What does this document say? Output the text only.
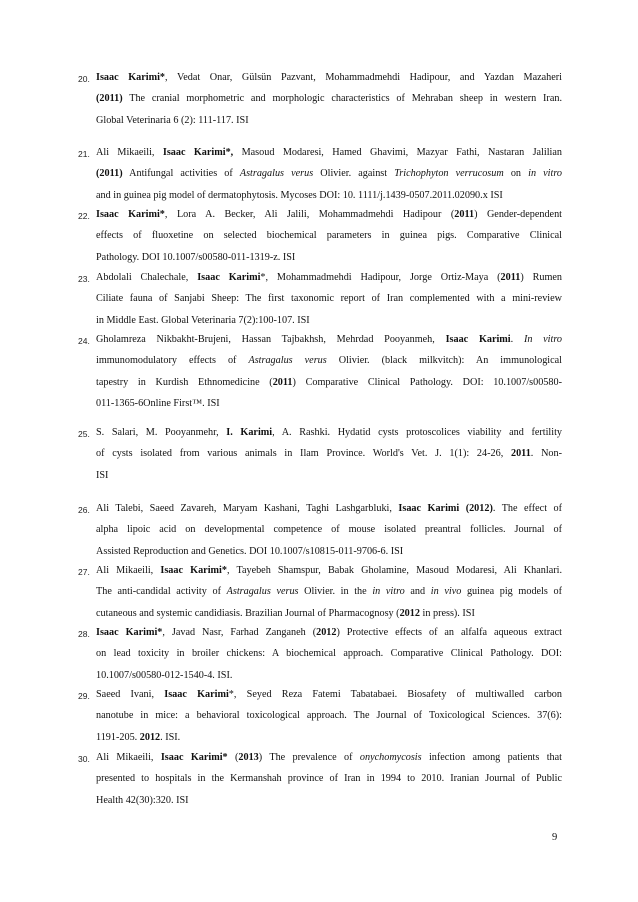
20. Isaac Karimi*, Vedat Onar, Gülsün Pazvant, Mohammadmehdi Hadipour, and Yazdan Mazaheri
(2011) The cranial morphometric and morphologic characteristics of Mehraban sheep in western Iran.
Global Veterinaria 6 (2): 111-117. ISI
21. Ali Mikaeili, Isaac Karimi*, Masoud Modaresi, Hamed Ghavimi, Mazyar Fathi, Nastaran Jalilian
(2011) Antifungal activities of Astragalus verus Olivier. against Trichophyton verrucosum on in vitro
and in guinea pig model of dermatophytosis. Mycoses DOI: 10. 1111/j.1439-0507.2011.02090.x ISI
22. Isaac Karimi*, Lora A. Becker, Ali Jalili, Mohammadmehdi Hadipour (2011) Gender-dependent
effects of fluoxetine on selected biochemical parameters in guinea pigs. Comparative Clinical
Pathology. DOI 10.1007/s00580-011-1319-z. ISI
23. Abdolali Chalechale, Isaac Karimi*, Mohammadmehdi Hadipour, Jorge Ortiz-Maya (2011) Rumen
Ciliate fauna of Sanjabi Sheep: The first taxonomic report of Iran complemented with a mini-review
in Middle East. Global Veterinaria 7(2):100-107. ISI
24. Gholamreza Nikbakht-Brujeni, Hassan Tajbakhsh, Mehrdad Pooyanmeh, Isaac Karimi. In vitro
immunomodulatory effects of Astragalus verus Olivier. (black milkvitch): An immunological
tapestry in Kurdish Ethnomedicine (2011) Comparative Clinical Pathology. DOI: 10.1007/s00580-
011-1365-6Online First™. ISI
25. S. Salari, M. Pooyanmehr, I. Karimi, A. Rashki. Hydatid cysts protoscolices viability and fertility
of cysts isolated from various animals in Ilam Province. World's Vet. J. 1(1): 24-26, 2011. Non-
ISI
26. Ali Talebi, Saeed Zavareh, Maryam Kashani, Taghi Lashgarbluki, Isaac Karimi (2012). The effect of
alpha lipoic acid on developmental competence of mouse isolated preantral follicles. Journal of
Assisted Reproduction and Genetics. DOI 10.1007/s10815-011-9706-6. ISI
27. Ali Mikaeili, Isaac Karimi*, Tayebeh Shamspur, Babak Gholamine, Masoud Modaresi, Ali Khanlari.
The anti-candidal activity of Astragalus verus Olivier. in the in vitro and in vivo guinea pig models of
cutaneous and systemic candidiasis. Brazilian Journal of Pharmacognosy (2012 in press). ISI
28. Isaac Karimi*, Javad Nasr, Farhad Zanganeh (2012) Protective effects of an alfalfa aqueous extract
on lead toxicity in broiler chickens: A biochemical approach. Comparative Clinical Pathology. DOI:
10.1007/s00580-012-1540-4. ISI.
29. Saeed Ivani, Isaac Karimi*, Seyed Reza Fatemi Tabatabaei. Biosafety of multiwalled carbon
nanotube in mice: a behavioral toxicological approach. The Journal of Toxicological Sciences. 37(6):
1191-205. 2012. ISI.
30. Ali Mikaeili, Isaac Karimi* (2013) The prevalence of onychomycosis infection among patients that
presented to hospitals in the Kermanshah province of Iran in 1994 to 2010. Iranian Journal of Public
Health 42(30):320. ISI
9
